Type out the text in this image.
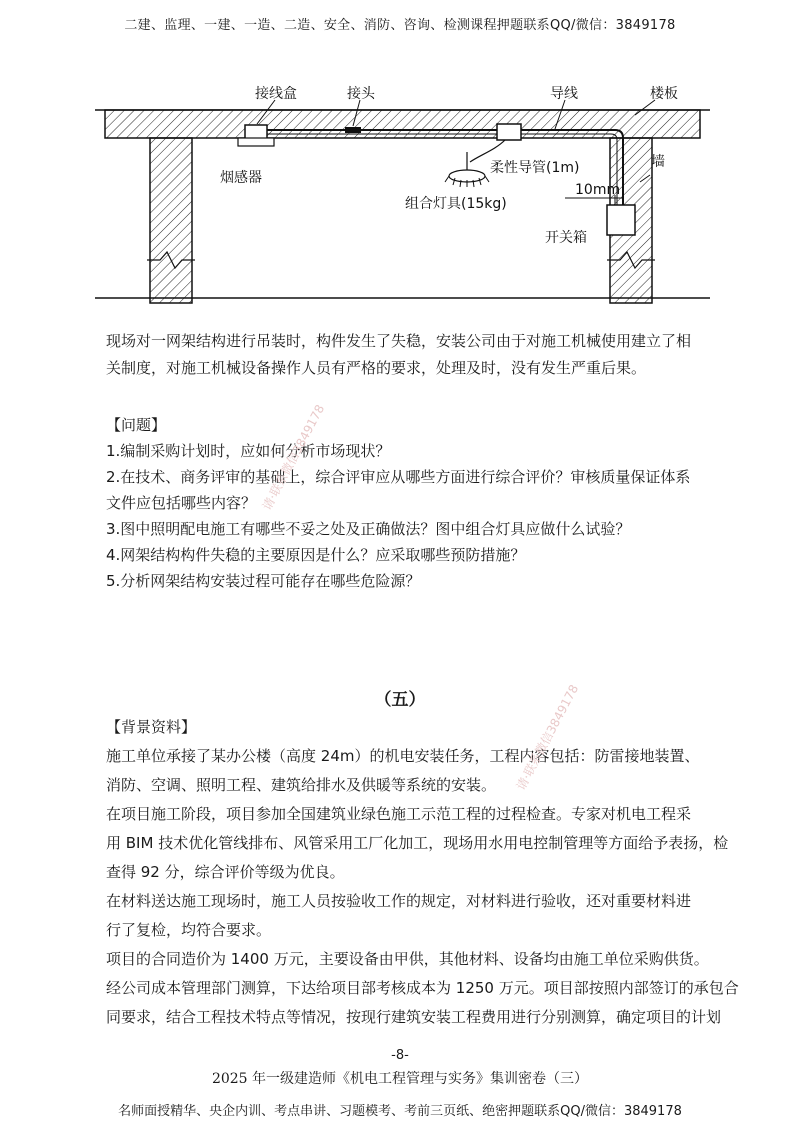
二建、监理、一建、一造、二造、安全、消防、咨询、检测课程押题联系QQ/微信：3849178
接线盒	接头	导线	楼板
烟感器
柔性导管(1m)	墙
10mm
组合灯具(15kg)
开关箱
现场对一网架结构进行吊装时，构件发生了失稳，安装公司由于对施工机械使用建立了相
关制度，对施工机械设备操作人员有严格的要求，处理及时，没有发生严重后果。
【问题】
1.编制采购计划时，应如何分析市场现状？
2.在技术、商务评审的基础上，综合评审应从哪些方面进行综合评价？审核质量保证体系
文件应包括哪些内容？
3.图中照明配电施工有哪些不妥之处及正确做法？图中组合灯具应做什么试验？
4.网架结构构件失稳的主要原因是什么？应采取哪些预防措施？
5.分析网架结构安装过程可能存在哪些危险源？
（五）
【背景资料】
施工单位承接了某办公楼（高度 24m）的机电安装任务，工程内容包括：防雷接地装置、
消防、空调、照明工程、建筑给排水及供暖等系统的安装。
在项目施工阶段，项目参加全国建筑业绿色施工示范工程的过程检查。专家对机电工程采
用 BIM 技术优化管线排布、风管采用工厂化加工，现场用水用电控制管理等方面给予表扬，检
查得 92 分，综合评价等级为优良。
在材料送达施工现场时，施工人员按验收工作的规定，对材料进行验收，还对重要材料进
行了复检，均符合要求。
项目的合同造价为 1400 万元，主要设备由甲供，其他材料、设备均由施工单位采购供货。
经公司成本管理部门测算，下达给项目部考核成本为 1250 万元。项目部按照内部签订的承包合
同要求，结合工程技术特点等情况，按现行建筑安装工程费用进行分别测算，确定项目的计划
请·联系微信3849178
请·联系微信3849178
-8-
2025 年一级建造师《机电工程管理与实务》集训密卷（三）
名师面授精华、央企内训、考点串讲、习题模考、考前三页纸、绝密押题联系QQ/微信：3849178
